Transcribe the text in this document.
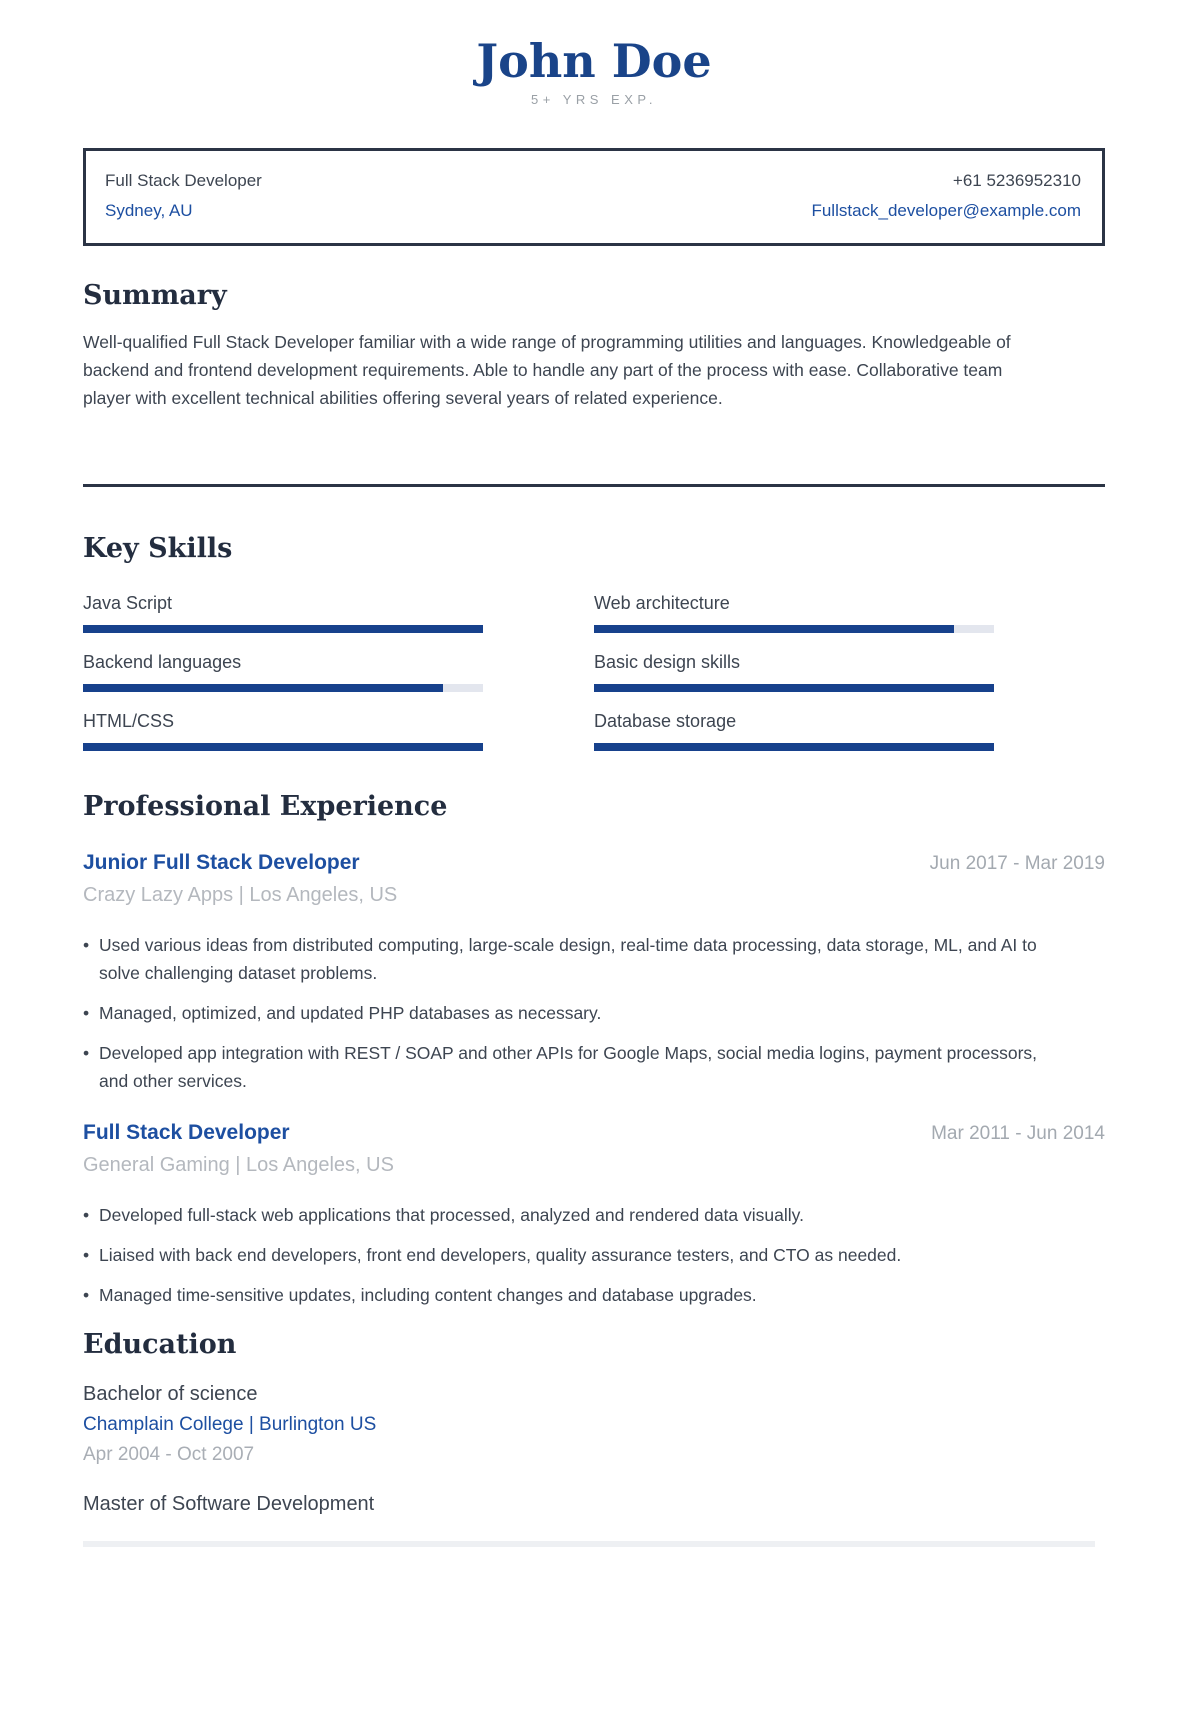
John Doe
5+ YRS EXP.
Full Stack Developer
Sydney, AU
+61 5236952310
Fullstack_developer@example.com
Summary
Well-qualified Full Stack Developer familiar with a wide range of programming utilities and languages. Knowledgeable of backend and frontend development requirements. Able to handle any part of the process with ease. Collaborative team player with excellent technical abilities offering several years of related experience.
Key Skills
Java Script	Web architecture
Backend languages	Basic design skills
HTML/CSS	Database storage
Professional Experience
Junior Full Stack Developer	Jun 2017 - Mar 2019
Crazy Lazy Apps | Los Angeles, US
• Used various ideas from distributed computing, large-scale design, real-time data processing, data storage, ML, and AI to solve challenging dataset problems.
• Managed, optimized, and updated PHP databases as necessary.
• Developed app integration with REST / SOAP and other APIs for Google Maps, social media logins, payment processors, and other services.
Full Stack Developer	Mar 2011 - Jun 2014
General Gaming | Los Angeles, US
• Developed full-stack web applications that processed, analyzed and rendered data visually.
• Liaised with back end developers, front end developers, quality assurance testers, and CTO as needed.
• Managed time-sensitive updates, including content changes and database upgrades.
Education
Bachelor of science
Champlain College | Burlington US
Apr 2004 - Oct 2007
Master of Software Development
